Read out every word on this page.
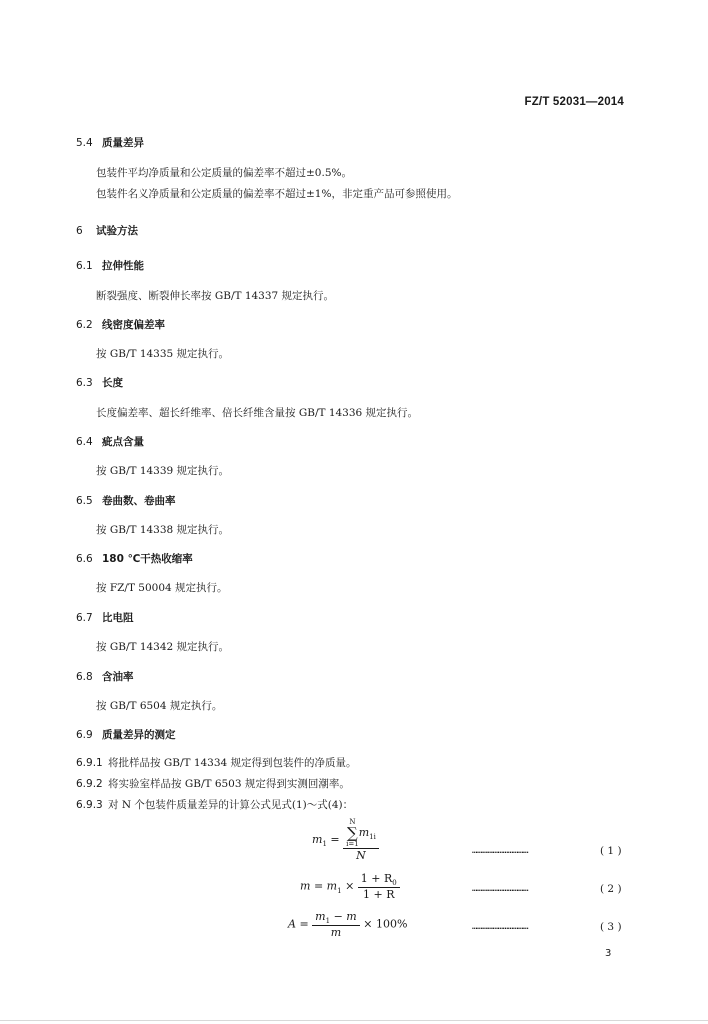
FZ/T 52031—2014
5.4 质量差异
包装件平均净质量和公定质量的偏差率不超过±0.5%。
包装件名义净质量和公定质量的偏差率不超过±1%，非定重产品可参照使用。
6 试验方法
6.1 拉伸性能
断裂强度、断裂伸长率按 GB/T 14337 规定执行。
6.2 线密度偏差率
按 GB/T 14335 规定执行。
6.3 长度
长度偏差率、超长纤维率、倍长纤维含量按 GB/T 14336 规定执行。
6.4 疵点含量
按 GB/T 14339 规定执行。
6.5 卷曲数、卷曲率
按 GB/T 14338 规定执行。
6.6 180 ℃干热收缩率
按 FZ/T 50004 规定执行。
6.7 比电阻
按 GB/T 14342 规定执行。
6.8 含油率
按 GB/T 6504 规定执行。
6.9 质量差异的测定
6.9.1 将批样品按 GB/T 14334 规定得到包装件的净质量。
6.9.2 将实验室样品按 GB/T 6503 规定得到实测回潮率。
6.9.3 对 N 个包装件质量差异的计算公式见式(1)～式(4)：
$m_1 = N$
∑
i=1
$m_{1i}$
N	……………………………	( 1 )
$m = m_1 \times \frac{1 + R_0}{1 + R}$	……………………………	( 2 )
$A = \frac{m_1 - m}{m} \times 100\%$	……………………………	( 3 )
3
